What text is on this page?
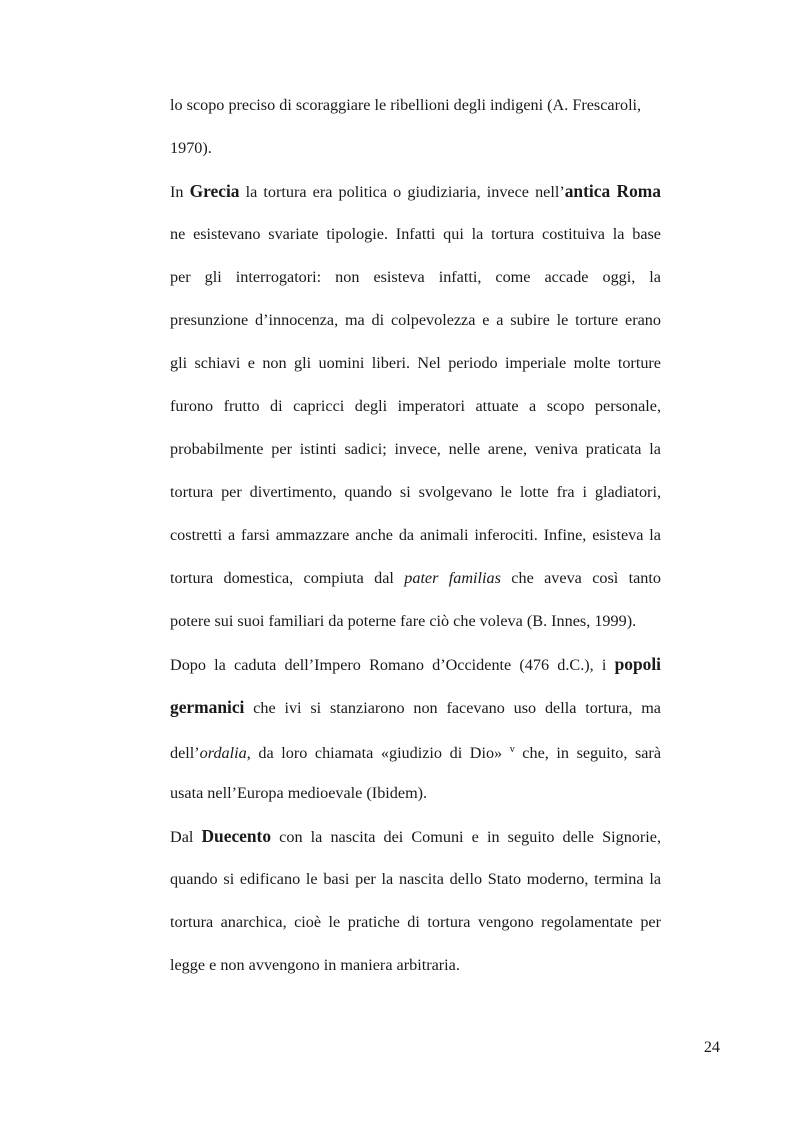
lo scopo preciso di scoraggiare le ribellioni degli indigeni (A. Frescaroli,
1970).
In Grecia la tortura era politica o giudiziaria, invece nell’antica Roma
ne esistevano svariate tipologie. Infatti qui la tortura costituiva la base
per gli interrogatori: non esisteva infatti, come accade oggi, la
presunzione d’innocenza, ma di colpevolezza e a subire le torture erano
gli schiavi e non gli uomini liberi. Nel periodo imperiale molte torture
furono frutto di capricci degli imperatori attuate a scopo personale,
probabilmente per istinti sadici; invece, nelle arene, veniva praticata la
tortura per divertimento, quando si svolgevano le lotte fra i gladiatori,
costretti a farsi ammazzare anche da animali inferociti. Infine, esisteva la
tortura domestica, compiuta dal pater familias che aveva così tanto
potere sui suoi familiari da poterne fare ciò che voleva (B. Innes, 1999).
Dopo la caduta dell’Impero Romano d’Occidente (476 d.C.), i popoli
germanici che ivi si stanziarono non facevano uso della tortura, ma
dell’ordalia, da loro chiamata «giudizio di Dio» $^v$ che, in seguito, sarà
usata nell’Europa medioevale (Ibidem).
Dal Duecento con la nascita dei Comuni e in seguito delle Signorie,
quando si edificano le basi per la nascita dello Stato moderno, termina la
tortura anarchica, cioè le pratiche di tortura vengono regolamentate per
legge e non avvengono in maniera arbitraria.
24
